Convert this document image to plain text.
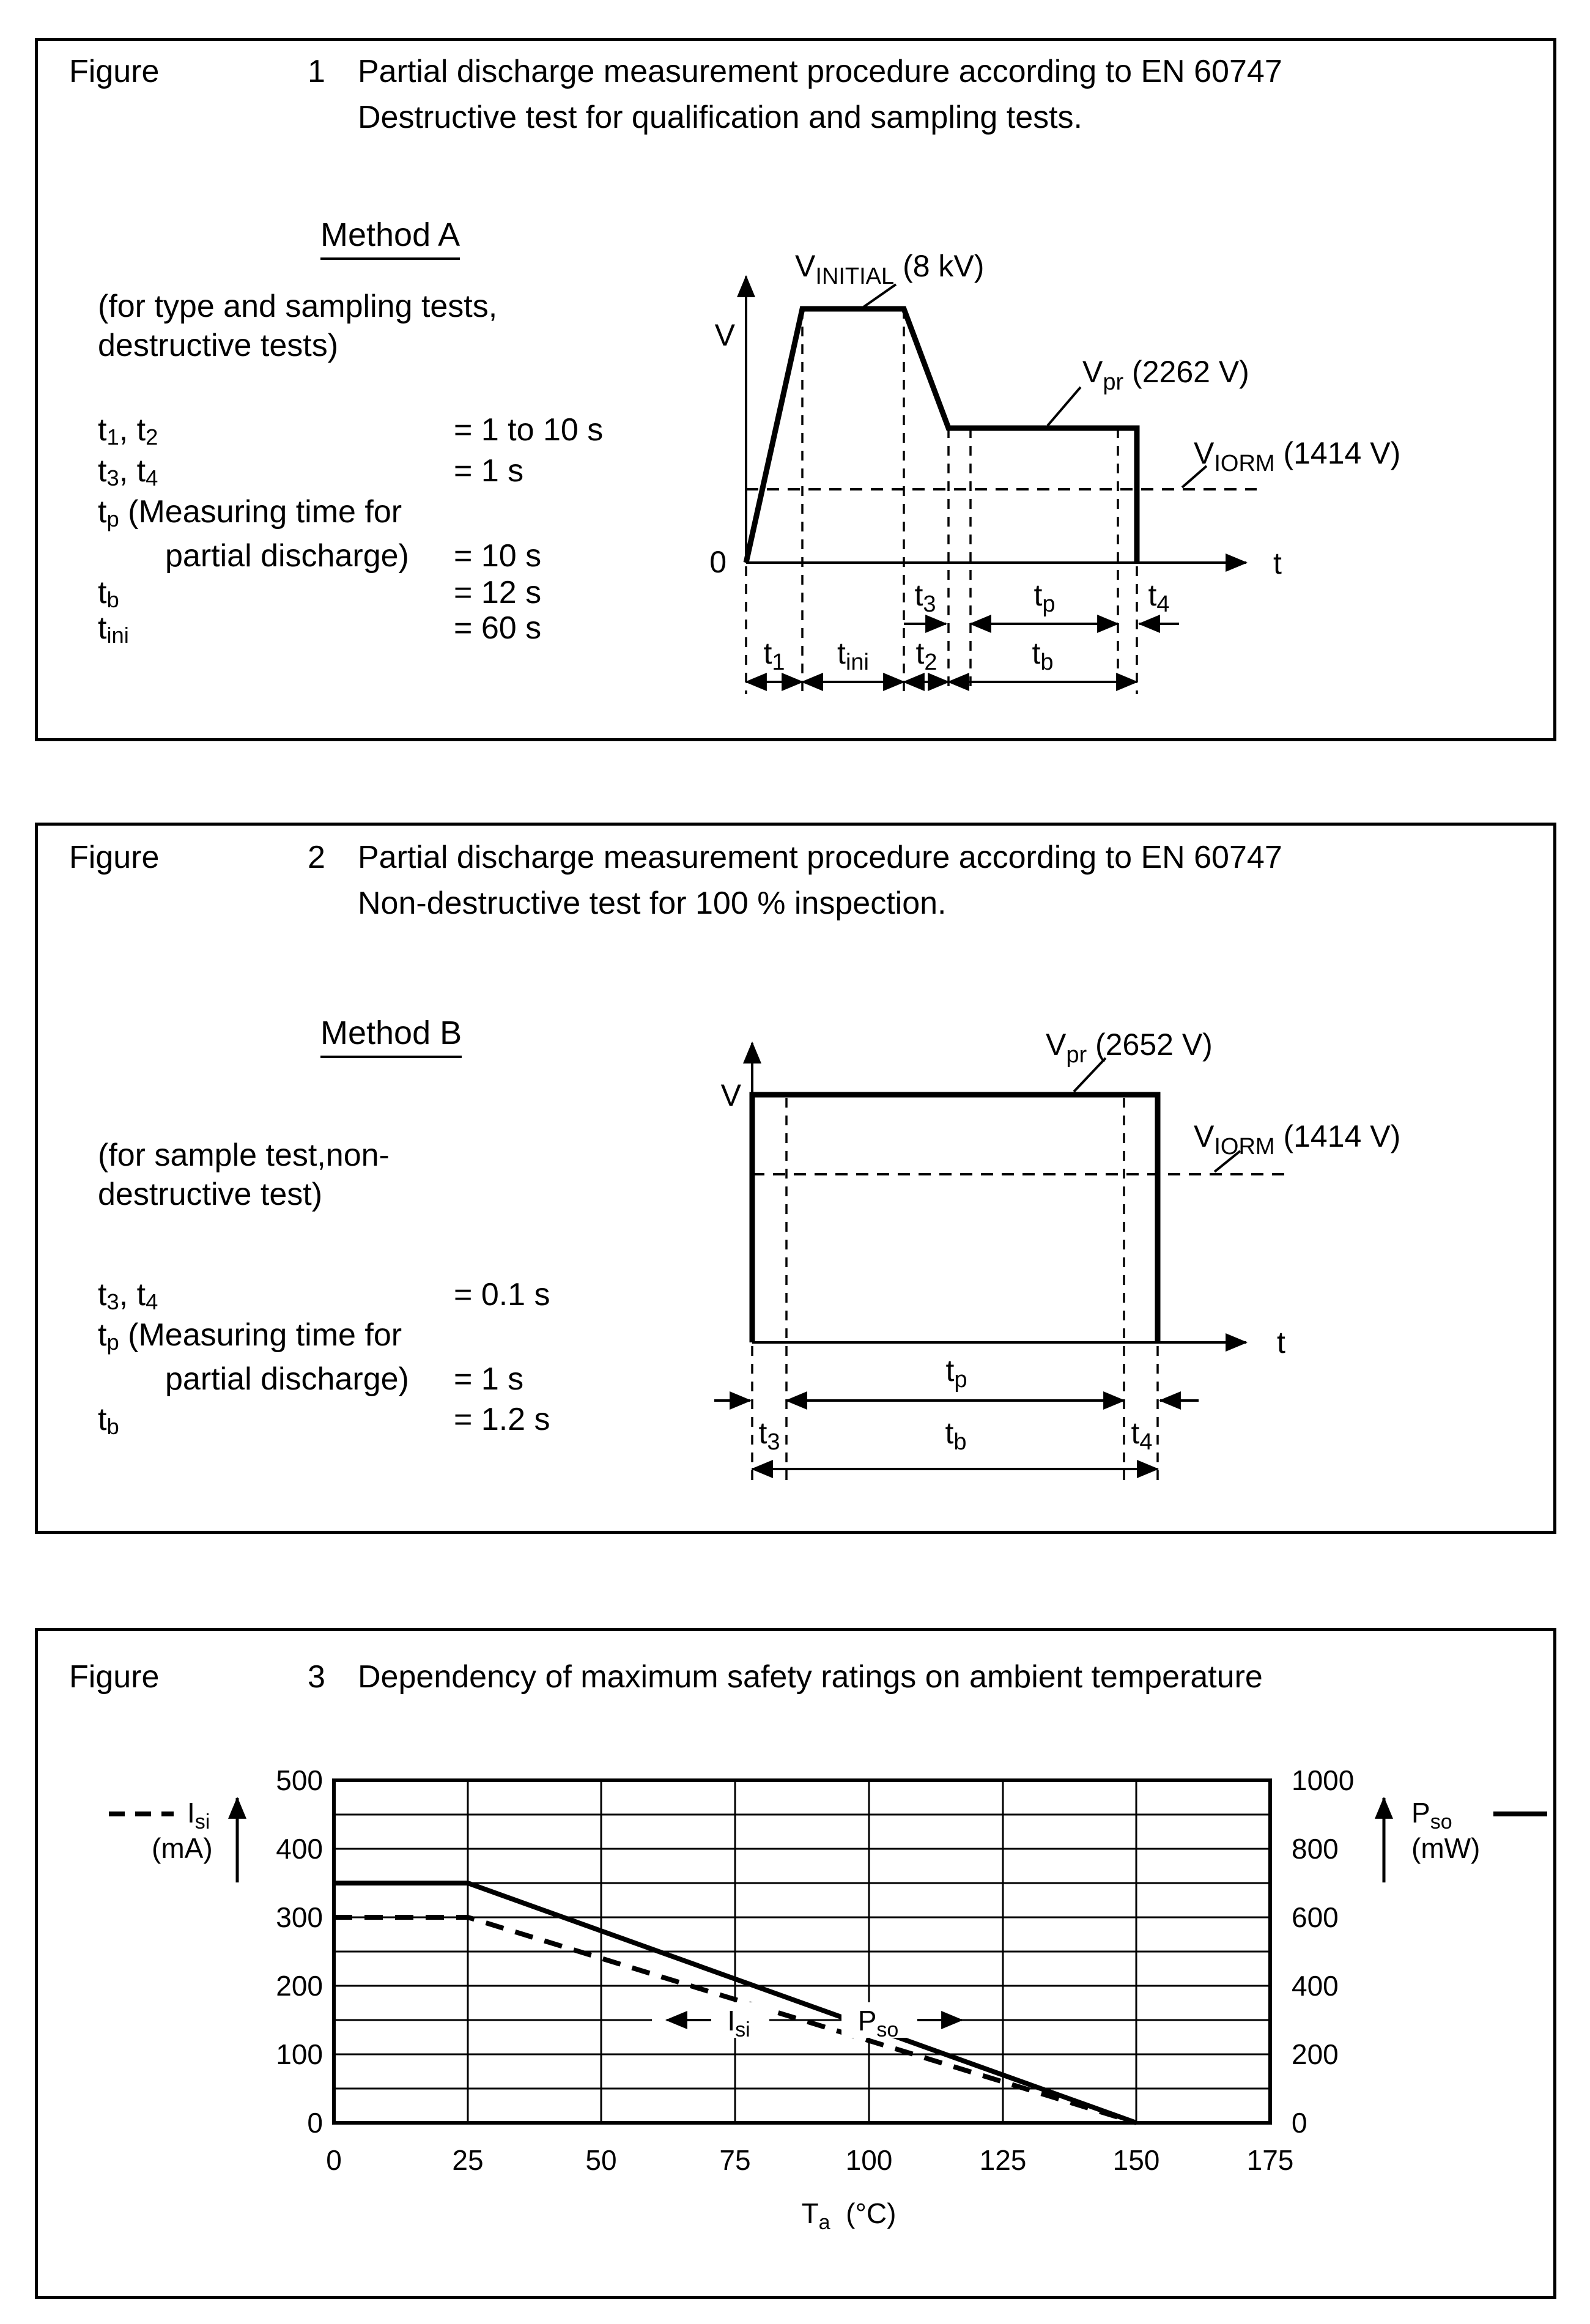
Figure	1 Partial discharge measurement procedure according to EN 60747
Destructive test for qualification and sampling tests.
Method A
(for type and sampling tests,
destructive tests)
t1, t2	= 1 to 10 s
t3, t4	= 1 s
tp (Measuring time for
partial discharge) = 10 s
tb	= 12 s
tini	= 60 s
V
0	t
$V_{INITIAL}$ (8 kV)
$V_{pr}$ (2262 V)
$V_{IORM}$ (1414 V)
$t_3$	$t_p$	$t_4$
$t_1$ $t_{ini}$ $t_2$	$t_b$
Figure	2 Partial discharge measurement procedure according to EN 60747
Non-destructive test for 100 % inspection.
Method B
(for sample test,non-
destructive test)
t3, t4	= 0.1 s
tp (Measuring time for
partial discharge) = 1 s
tb	= 1.2 s
V
t
$V_{pr}$ (2652 V)
$V_{IORM}$ (1414 V)
$t_p$
$t_3$	$t_b$	$t_4$
Figure	3 Dependency of maximum safety ratings on ambient temperature
$I_{si}$	$P_{so}$
0
100
200
300
400
500
0
200
400
600
800
1000
0	25	50	75	100	125	150	175
$T_a$ (°C)
$I_{si}$
(mA)
$P_{so}$
(mW)
